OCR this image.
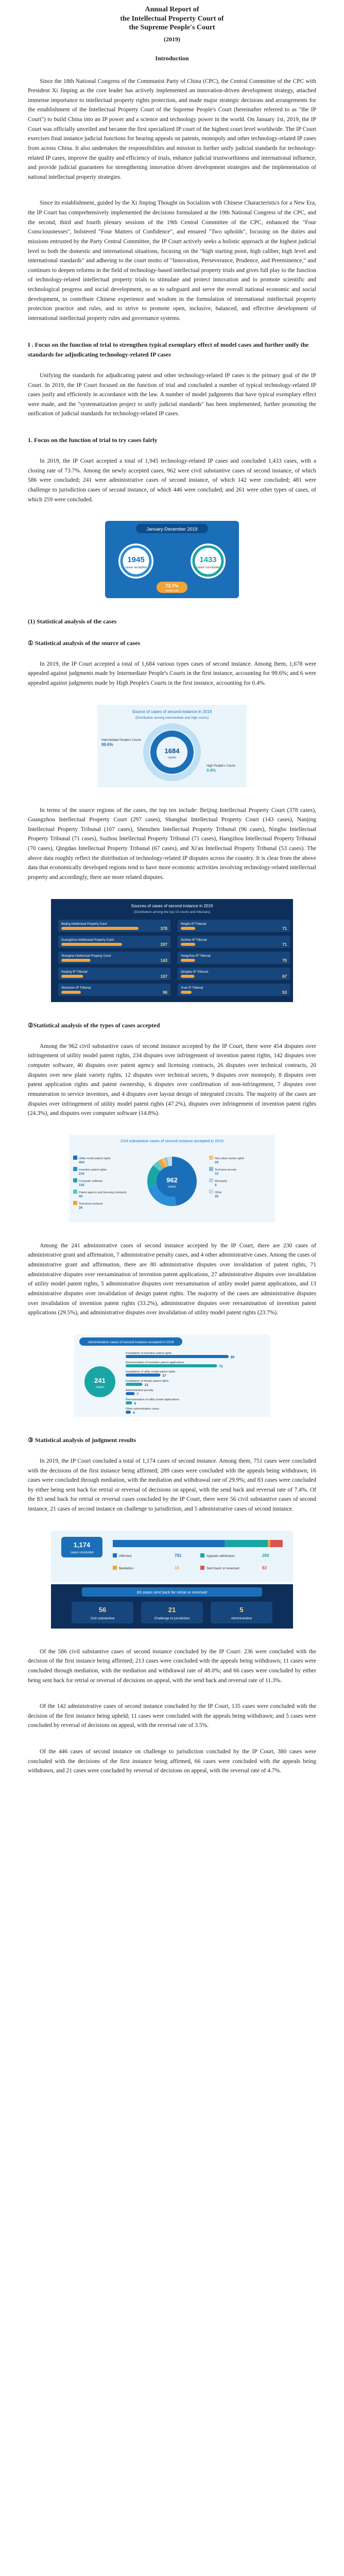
Annual Report of
the Intellectual Property Court of
the Supreme People's Court
(2019)
Introduction

Since the 18th National Congress of the Communist Party of China (CPC), the Central Committee of the CPC with President Xi Jinping as the core leader has actively implemented an innovation-driven development strategy, attached immense importance to intellectual property rights protection, and made major strategic decisions and arrangements for the establishment of the Intellectual Property Court of the Supreme People's Court (hereinafter referred to as "the IP Court") to build China into an IP power and a science and technology power in the world. On January 1st, 2019, the IP Court was officially unveiled and became the first specialized IP court of the highest court level worldwide. The IP Court exercises final instance judicial functions for hearing appeals on patents, monopoly and other technology-related IP cases from across China. It also undertakes the responsibilities and mission to further unify judicial standards for technology-related IP cases, improve the quality and efficiency of trials, enhance judicial trustworthiness and international influence, and provide judicial guarantees for strengthening innovation driven development strategies and the implementation of national intellectual property strategies.

Since its establishment, guided by the Xi Jinping Thought on Socialism with Chinese Characteristics for a New Era, the IP Court has comprehensively implemented the decisions formulated at the 19th National Congress of the CPC, and the second, third and fourth plenary sessions of the 19th Central Committee of the CPC, enhanced the "Four Consciousnesses", bolstered "Four Matters of Confidence", and ensured "Two upholds", focusing on the duties and missions entrusted by the Party Central Committee, the IP Court actively seeks a holistic approach at the highest judicial level to both the domestic and international situations, focusing on the "high starting point, high caliber, high level and international standards" and adhering to the court motto of "Innovation, Perseverance, Prudence, and Preeminence," and continues to deepen reforms in the field of technology-based intellectual property trials and gives full play to the function of technology-related intellectual property trials to stimulate and protect innovation and to promote scientific and technological progress and social development, so as to safeguard and serve the overall national economic and social development, to contribute Chinese experience and wisdom in the formulation of international intellectual property protection practice and rules, and to strive to promote open, inclusive, balanced, and effective development of international intellectual property rules and governance systems.

I . Focus on the function of trial to strengthen typical exemplary effect of model cases and further unify the standards for adjudicating technology-related IP cases

Unifying the standards for adjudicating patent and other technology-related IP cases is the primary goal of the IP Court. In 2019, the IP Court focused on the function of trial and concluded a number of typical technology-related IP cases justly and efficiently in accordance with the law. A number of model judgments that have typical exemplary effect were made, and the "systematization project to unify judicial standards" has been implemented, further promoting the unification of judicial standards for technology-related IP cases.

1. Focus on the function of trial to try cases fairly

In 2019, the IP Court accepted a total of 1,945 technology-related IP cases and concluded 1,433 cases, with a closing rate of 73.7%. Among the newly accepted cases, 962 were civil substantive cases of second instance, of which 586 were concluded; 241 were administrative cases of second instance, of which 142 were concluded; 481 were challenge to jurisdiction cases of second instance, of which 446 were concluded; and 261 were other types of cases, of which 259 were concluded.

January-December 2019
1945
cases accepted
1433
cases concluded
73.7%
closing rate
(1) Statistical analysis of the cases
① Statistical analysis of the source of cases

In 2019, the IP Court accepted a total of 1,684 various types cases of second instance. Among them, 1,678 were appealed against judgments made by Intermediate People's Courts in the first instance, accounting for 99.6%; and 6 were appealed against judgments made by High People's Courts in the first instance, accounting for 0.4%.

Source of cases of second instance in 2019
(Distribution among intermediate and high courts)
1684
cases
Intermediate People's Courts
99.6%
High People's Courts
0.4%

In terms of the source regions of the cases, the top ten include: Beijing Intellectual Property Court (378 cases), Guangzhou Intellectual Property Court (297 cases), Shanghai Intellectual Property Court (143 cases), Nanjing Intellectual Property Tribunal (107 cases), Shenzhen Intellectual Property Tribunal (96 cases), Ningbo Intellectual Property Tribunal (71 cases), Suzhou Intellectual Property Tribunal (71 cases), Hangzhou Intellectual Property Tribunal (70 cases), Qingdao Intellectual Property Tribunal (67 cases), and Xi'an Intellectual Property Tribunal (53 cases). The above data roughly reflect the distribution of technology-related IP disputes across the country. It is clear from the above data that economically developed regions tend to have more economic activities involving technology-related intellectual property and accordingly, there are more related disputes.

Sources of cases of second instance in 2019
(Distribution among the top 10 courts and tribunals)
Beijing Intellectual Property Court
378
Guangzhou Intellectual Property Court
297
Shanghai Intellectual Property Court
143
Nanjing IP Tribunal
107
Shenzhen IP Tribunal
96
Ningbo IP Tribunal
71
Suzhou IP Tribunal
71
Hangzhou IP Tribunal
70
Qingdao IP Tribunal
67
Xi'an IP Tribunal
53
②Statistical analysis of the types of cases accepted

Among the 962 civil substantive cases of second instance accepted by the IP Court, there were 454 disputes over infringement of utility model patent rights, 234 disputes over infringement of invention patent rights, 142 disputes over computer software, 40 disputes over patent agency and licensing contracts, 26 disputes over technical contracts, 20 disputes over new plant variety rights, 12 disputes over technical secrets, 9 disputes over monopoly, 8 disputes over patent application rights and patent ownership, 6 disputes over confirmation of non-infringement, 7 disputes over remuneration to service inventors, and 4 disputes over layout design of integrated circuits. The majority of the cases are disputes over infringement of utility model patent rights (47.2%), disputes over infringement of invention patent rights (24.3%), and disputes over computer software (14.8%).

Civil substantive cases of second instance accepted in 2019
962
cases
Utility model patent rights
454
Invention patent rights
234
Computer software
142
Patent agency and licensing contracts
40
Technical contracts
26
New plant variety rights
20
Technical secrets
12
Monopoly
9
Other
25

Among the 241 administrative cases of second instance accepted by the IP Court, there are 230 cases of administrative grant and affirmation, 7 administrative penalty cases, and 4 other administrative cases. Among the cases of administrative grant and affirmation, there are 80 administrative disputes over invalidation of patent rights, 71 administrative disputes over reexamination of invention patent applications, 27 administrative disputes over invalidation of utility model patent rights, 5 administrative disputes over reexamination of utility model patent applications, and 13 administrative disputes over invalidation of design patent rights. The majority of the cases are administrative disputes over invalidation of invention patent rights (33.2%), administrative disputes over reexamination of invention patent applications (29.5%), and administrative disputes over invalidation of utility model patent rights (23.7%).

Administrative cases of second instance accepted in 2019
241
cases
Invalidation of invention patent rights
80
Reexamination of invention patent applications
71
Invalidation of utility model patent rights
27
Invalidation of design patent rights
13
Administrative penalty
7
Reexamination of utility model applications
5
Other administrative cases
4
③ Statistical analysis of judgment results

In 2019, the IP Court concluded a total of 1,174 cases of second instance. Among them, 751 cases were concluded with the decisions of the first instance being affirmed; 289 cases were concluded with the appeals being withdrawn; 16 cases were concluded through mediation, with the mediation and withdrawal rate of 29.9%; and 83 cases were concluded by either being sent back for retrial or reversal of decisions on appeal, with the send back and reversal rate of 7.4%. Of the 83 send back for retrial or reversal cases concluded by the IP Court, there were 56 civil substantive cases of second instance, 21 cases of second instance on challenge to jurisdiction, and 5 administrative cases of second instance.

1,174
cases concluded
Affirmed	751	Appeals withdrawn	289
Mediation	16	Sent back or reversed	83
83 cases sent back for retrial or reversed
56
Civil substantive
21
Challenge to jurisdiction
5
Administrative

Of the 586 civil substantive cases of second instance concluded by the IP Court: 236 were concluded with the decision of the first instance being affirmed; 213 cases were concluded with the appeals being withdrawn; 11 cases were concluded through mediation, with the mediation and withdrawal rate of 48.0%; and 66 cases were concluded by either being sent back for retrial or reversal of decisions on appeal, with the send back and reversal rate of 11.3%.

Of the 142 administrative cases of second instance concluded by the IP Court, 135 cases were concluded with the decision of the first instance being upheld; 11 cases were concluded with the appeals being withdrawn; and 5 cases were concluded by reversal of decisions on appeal, with the reversal rate of 3.5%.

Of the 446 cases of second instance on challenge to jurisdiction concluded by the IP Court, 380 cases were concluded with the decisions of the first instance being affirmed, 66 cases were concluded with the appeals being withdrawn, and 21 cases were concluded by reversal of decisions on appeal, with the reversal rate of 4.7%.
